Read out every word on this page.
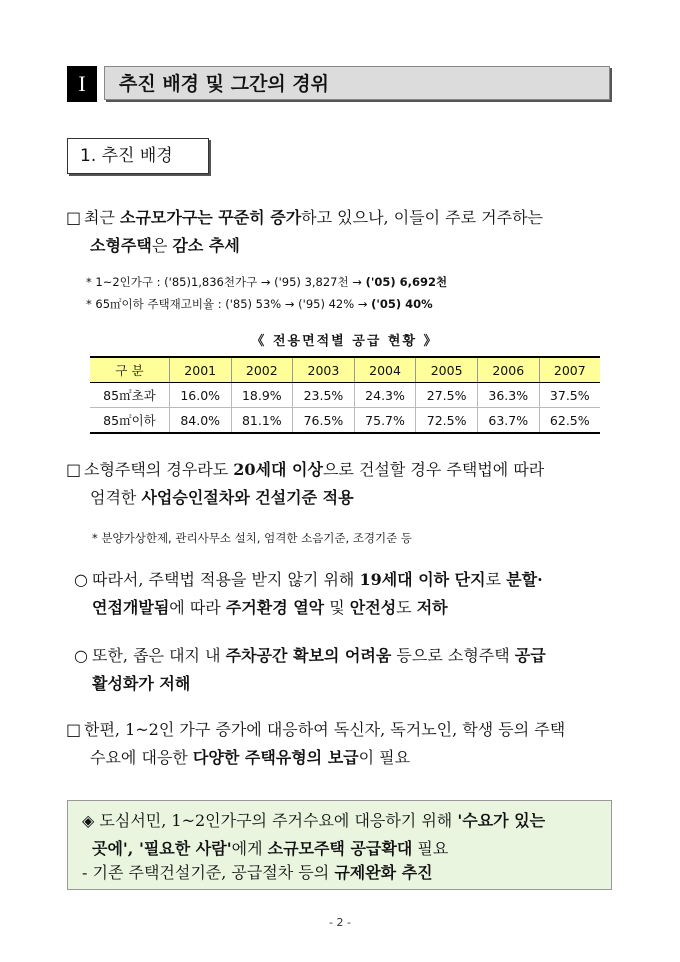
I	추진 배경 및 그간의 경위
1. 추진 배경
□ 최근 소규모가구는 꾸준히 증가하고 있으나, 이들이 주로 거주하는
소형주택은 감소 추세
* 1~2인가구 : ('85)1,836천가구 → ('95) 3,827천 → ('05) 6,692천
* 65㎡이하 주택재고비율 : ('85) 53% → ('95) 42% → ('05) 40%
《 전용면적별 공급 현황 》
구 분	2001	2002	2003	2004	2005	2006	2007
85㎡초과	16.0%	18.9%	23.5%	24.3%	27.5%	36.3%	37.5%
85㎡이하	84.0%	81.1%	76.5%	75.7%	72.5%	63.7%	62.5%
□ 소형주택의 경우라도 20세대 이상으로 건설할 경우 주택법에 따라
엄격한 사업승인절차와 건설기준 적용
* 분양가상한제, 관리사무소 설치, 엄격한 소음기준, 조경기준 등
○ 따라서, 주택법 적용을 받지 않기 위해 19세대 이하 단지로 분할·
연접개발됨에 따라 주거환경 열악 및 안전성도 저하
○ 또한, 좁은 대지 내 주차공간 확보의 어려움 등으로 소형주택 공급
활성화가 저해
□ 한편, 1~2인 가구 증가에 대응하여 독신자, 독거노인, 학생 등의 주택
수요에 대응한 다양한 주택유형의 보급이 필요
◈ 도심서민, 1~2인가구의 주거수요에 대응하기 위해 '수요가 있는
곳에', '필요한 사람'에게 소규모주택 공급확대 필요
- 기존 주택건설기준, 공급절차 등의 규제완화 추진
- 2 -
